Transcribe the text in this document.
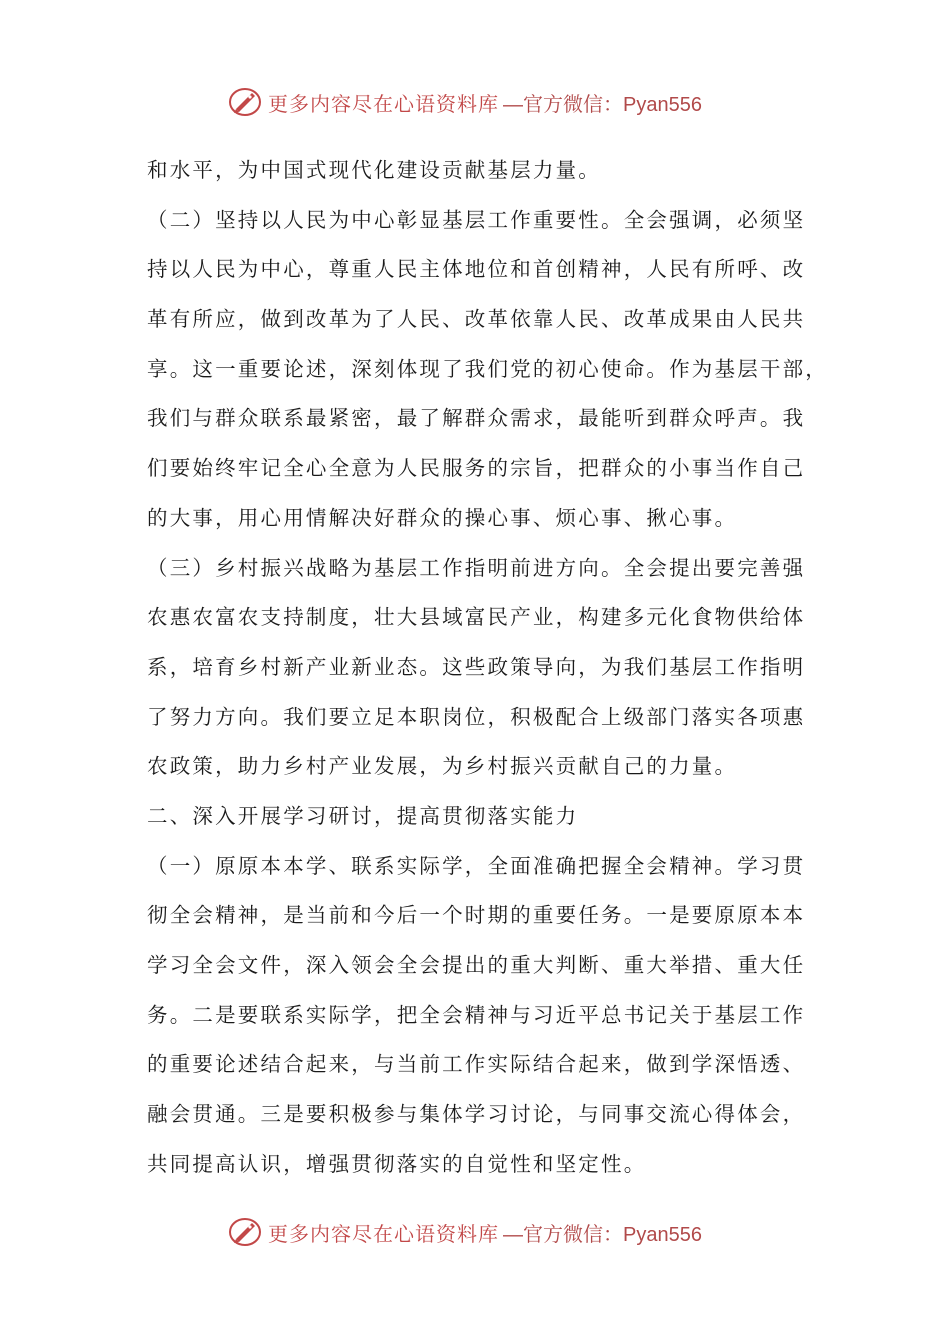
更多内容尽在心语资料库 —官方微信：Pyan556
和水平，为中国式现代化建设贡献基层力量。
（二）坚持以人民为中心彰显基层工作重要性。全会强调，必须坚
持以人民为中心，尊重人民主体地位和首创精神，人民有所呼、改
革有所应，做到改革为了人民、改革依靠人民、改革成果由人民共
享。这一重要论述，深刻体现了我们党的初心使命。作为基层干部，
我们与群众联系最紧密，最了解群众需求，最能听到群众呼声。我
们要始终牢记全心全意为人民服务的宗旨，把群众的小事当作自己
的大事，用心用情解决好群众的操心事、烦心事、揪心事。
（三）乡村振兴战略为基层工作指明前进方向。全会提出要完善强
农惠农富农支持制度，壮大县域富民产业，构建多元化食物供给体
系，培育乡村新产业新业态。这些政策导向，为我们基层工作指明
了努力方向。我们要立足本职岗位，积极配合上级部门落实各项惠
农政策，助力乡村产业发展，为乡村振兴贡献自己的力量。
二、深入开展学习研讨，提高贯彻落实能力
（一）原原本本学、联系实际学，全面准确把握全会精神。学习贯
彻全会精神，是当前和今后一个时期的重要任务。一是要原原本本
学习全会文件，深入领会全会提出的重大判断、重大举措、重大任
务。二是要联系实际学，把全会精神与习近平总书记关于基层工作
的重要论述结合起来，与当前工作实际结合起来，做到学深悟透、
融会贯通。三是要积极参与集体学习讨论，与同事交流心得体会，
共同提高认识，增强贯彻落实的自觉性和坚定性。
更多内容尽在心语资料库 —官方微信：Pyan556
